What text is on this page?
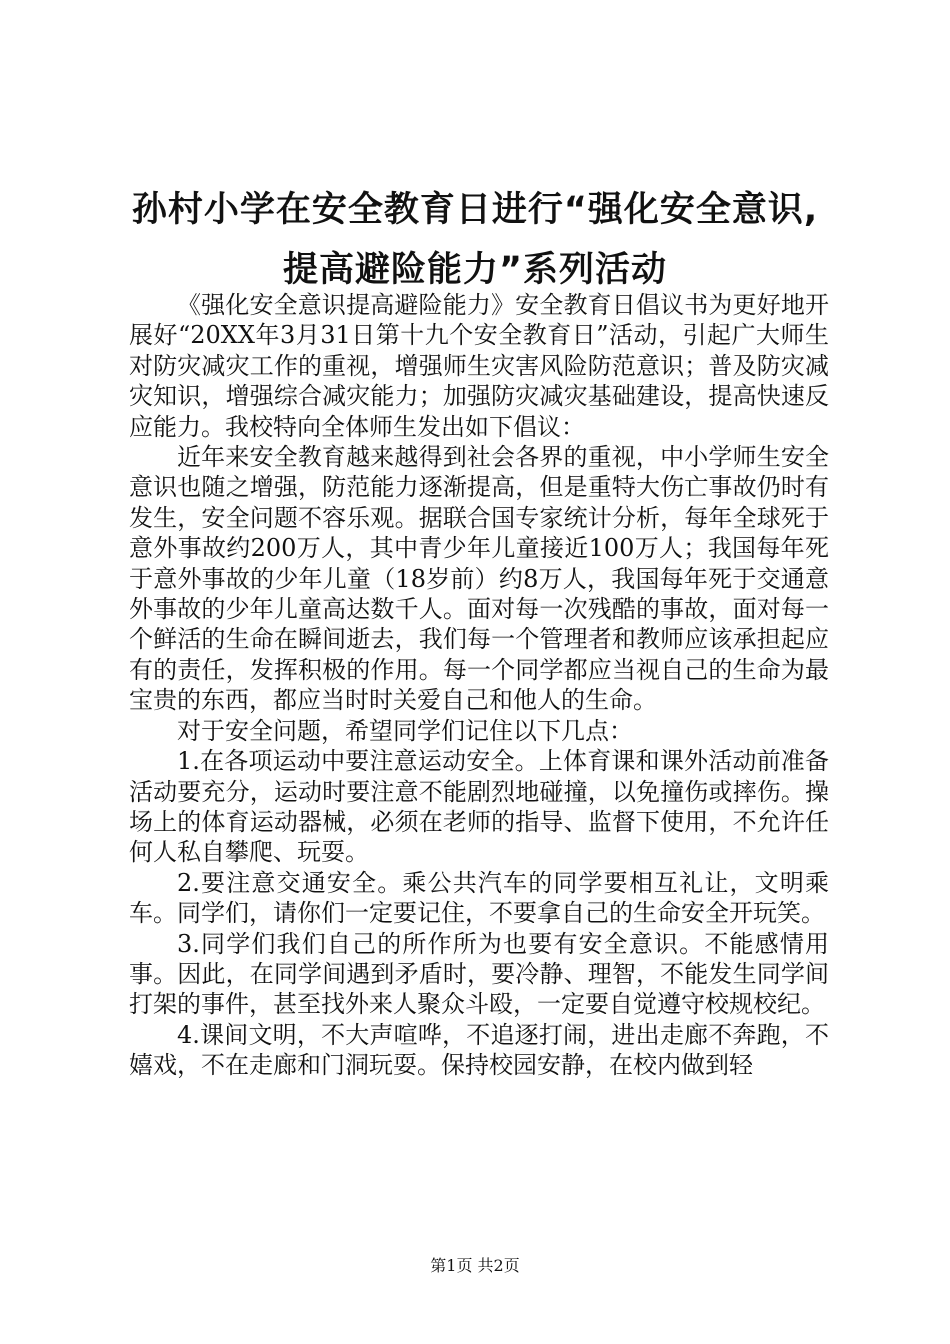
孙村小学在安全教育日进行“强化安全意识,
提高避险能力”系列活动

《强化安全意识提高避险能力》安全教育日倡议书为更好地开展好“20XX年3月31日第十九个安全教育日”活动，引起广大师生对防灾减灾工作的重视，增强师生灾害风险防范意识；普及防灾减灾知识，增强综合减灾能力；加强防灾减灾基础建设，提高快速反应能力。我校特向全体师生发出如下倡议：

近年来安全教育越来越得到社会各界的重视，中小学师生安全意识也随之增强，防范能力逐渐提高，但是重特大伤亡事故仍时有发生，安全问题不容乐观。据联合国专家统计分析，每年全球死于意外事故约200万人，其中青少年儿童接近100万人；我国每年死于意外事故的少年儿童（18岁前）约8万人，我国每年死于交通意外事故的少年儿童高达数千人。面对每一次残酷的事故，面对每一个鲜活的生命在瞬间逝去，我们每一个管理者和教师应该承担起应有的责任，发挥积极的作用。每一个同学都应当视自己的生命为最宝贵的东西，都应当时时关爱自己和他人的生命。

对于安全问题，希望同学们记住以下几点：

1.在各项运动中要注意运动安全。上体育课和课外活动前准备活动要充分，运动时要注意不能剧烈地碰撞，以免撞伤或摔伤。操场上的体育运动器械，必须在老师的指导、监督下使用，不允许任何人私自攀爬、玩耍。

2.要注意交通安全。乘公共汽车的同学要相互礼让，文明乘车。同学们，请你们一定要记住，不要拿自己的生命安全开玩笑。

3.同学们我们自己的所作所为也要有安全意识。不能感情用事。因此，在同学间遇到矛盾时，要冷静、理智，不能发生同学间打架的事件，甚至找外来人聚众斗殴，一定要自觉遵守校规校纪。

4.课间文明，不大声喧哗，不追逐打闹，进出走廊不奔跑，不嬉戏，不在走廊和门洞玩耍。保持校园安静，在校内做到轻

第1页 共2页
